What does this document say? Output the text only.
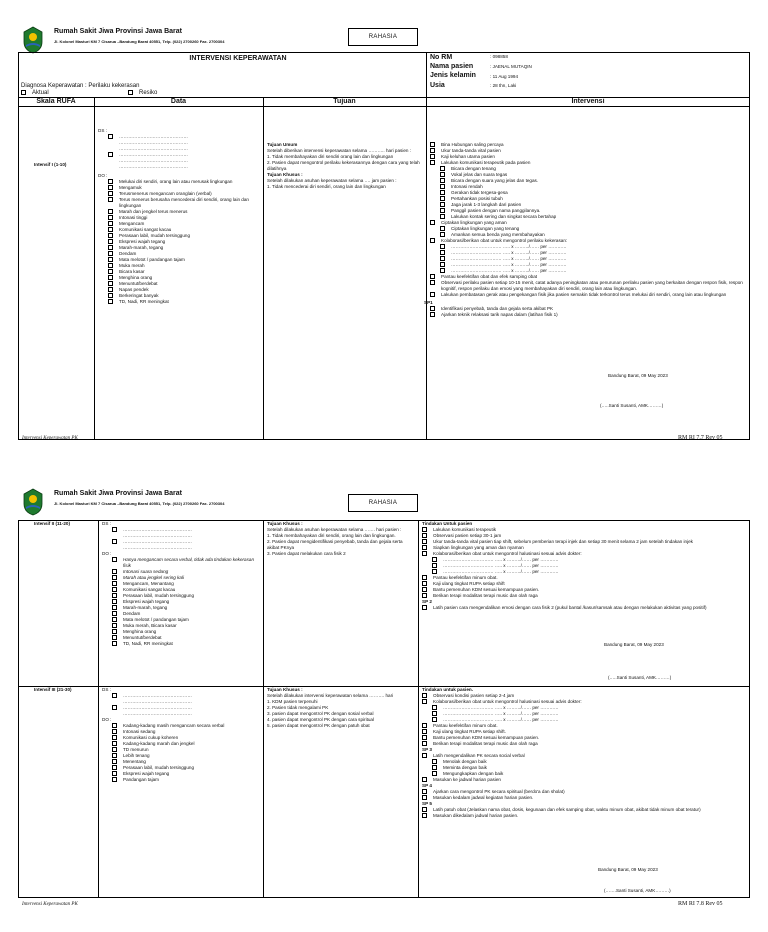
Rumah Sakit Jiwa Provinsi Jawa Barat
Jl. Kolonel Masturi KM 7 Cisarua –Bandung Barat 40551, Telp. (022) 2700260 Fax. 2700304
RAHASIA
INTERVENSI KEPERAWATAN
Diagnosa Keperawatan : Perilaku kekerasan
Aktual	Resiko
No RM	: 098858
Nama pasien	: JAENAL MUTAQIN
Jenis kelamin	: 11 Aug 1994
Usia	: 28 thn, Laki
Skala RUFA	Data	Tujuan	Intervensi
Intensif I (1-10)
DS :
………………………………………
………………………………………
………………………………………
………………………………………
………………………………………
………………………………………
DO :
Melukai diri sendiri, orang lain atau merusak lingkungan
Mengamuk
Terusmenerus mengancam oranglain (verbal)
Terus menerus berusaha mencederai diri sendiri, orang lain dan lingkungan
Marah dan jengkel terus menerus
Intonasi tinggi
Mengancam
Komunikasi sangat kacau
Perasaan labil, mudah tersinggung
Ekspresi wajah tegang
Marah-marah, tegang
Dendam
Mata melotot / pandangan tajam
Muka merah
Bicara kasar
Menghina orang
Menuntut/berdebat
Napas pendek
Berkeringat banyak
TD, Nadi, RR meningkat
Tujuan Umum
Setelah diberikan intervensi keperawatan selama ……….. hari pasien :
1. Tidak membahayakan diri sendiri orang lain dan lingkungan
2. Pasien dapat mengontrol perilaku kekerasannya dengan cara yang telah dilatihnya
Tujuan Khusus :
Setelah dilakukan asuhan keperawatan selama …. jam pasien :
1. Tidak mencederai diri sendiri, orang lain dan lingkungan
Bina Hubungan saling percaya
Ukur tanda-tanda vital pasien
Kaji keluhan utama pasien
Lakukan komunikasi terapeutik pada pasien
Bicara dengan tenang
Vokal jelas dan suara tegas
Bicara dengan suara yang jelas dan tegas.
Intonasi rendah
Gerakan tidak tergesa-gesa
Pertahankan posisi tubuh
Jaga jarak 1-3 langkah dari pasien
Panggil pasien dengan nama panggilannya.
Lakukan kontak sering dan singkat secara bertahap
Ciptakan lingkungan yang aman
Ciptakan lingkungan yang tenang
Amankan semua benda yang membahayakan
Kolaborasi/berikan obat untuk mengontrol perilaku kekerasan:
…………………………… ….. x ………/…… per …………
…………………………… ….. x ………/…… per …………
…………………………… ….. x ………/…… per …………
…………………………… ….. x ………/…… per …………
…………………………… ….. x ………/…… per …………
Pantau keefektifan obat dan efek samping obat
Observasi perilaku pasien setiap 10-15 menit, catat adanya peningkatan atau penurunan perilaku pasien yang berkaitan dengan respon fisik, respon kognitif, respon perilaku dan emosi yang membahayakan diri sendiri, orang lain atau lingkungan.
Lakukan pembatasan gerak atau pengekangan fisik jika pasien semakin tidak terkontrol terus melukai diri sendiri, orang lain atau lingkungan
SP1
Identifikasi penyebab, tanda dan gejala serta akibat PK
Ajarkan teknik relaksasi tarik napas dalam (latihan fisik 1)
Bandung Barat, 09 May 2023
(…..Santi Susanti, AMK………)
Intervensi Keperawatan PK	RM RI 7.7 Rev 05
Rumah Sakit Jiwa Provinsi Jawa Barat
Jl. Kolonel Masturi KM 7 Cisarua –Bandung Barat 40551, Telp. (022) 2700260 Fax. 2700304	RAHASIA
Intensif II (11-20)	DS :
………………………………………
………………………………………
………………………………………
………………………………………
DO :
Hanya mengancam secara verbal, tidak ada tindakan kekerasan fisik
Intonasi suara sedang
Marah atau jengkel sering kali
Mengancam, Menantang
Komunikasi sangat kacau
Perasaan labil, mudah tersinggung
Ekspresi wajah tegang
Marah-marah, tegang
Dendam
Mata melotot / pandangan tajam
Muka merah, Bicara kasar
Menghina orang
Menuntut/berdebat
TD, Nadi, RR meningkat
Tujuan Khusus :
Setelah dilakukan asuhan keperawatan selama ……. hari pasien :
1. Tidak membahayakan diri sendiri, orang lain dan lingkungan.
2. Pasien dapat mengidentifikasi penyebab, tanda dan gejala serta akibat PKnya
3. Pasien dapat melakukan cara fisik 2
Tindakan Untuk pasien
Lakukan komunikasi terapeutik
Observasi pasien setiap 30-1 jam
Ukur tanda-tanda vital pasien tiap shift, sebelum pemberian terapi injek dan setiap 30 menit selama 2 jam setelah tindakan injek
Siapkan lingkungan yang aman dan nyaman
Kolaborasi/berikan obat untuk mengontrol halusinasi sesuai advis dokter:
…………………………… ….. x ………/…… per …………
…………………………… ….. x ………/…… per …………
…………………………… ….. x ………/…… per …………
Pantau keefektifan minum obat.
Kaji ulang tingkat RUPA setiap shift
Bantu pemenuhan KDM sesuai kemampuan pasien.
Berikan terapi modalitas terapi music dan olah raga
SP 2
Latih pasien cara mengendalikan emosi dengan cara fisik 2 (pukul bantal /kasur/samsak atau dengan melakukan aktivitas yang positif)
Bandung Barat, 09 May 2023
(…..Santi Susanti, AMK………)
Intensif III (21-30)	DS :
………………………………………
………………………………………
………………………………………
………………………………………
DO :
Kadang-kadang masih mengancam secara verbal
Intonasi sedang
Komunikasi cukup koheren
Kadang-kadang marah dan jengkel
TD menurun
Lebih tenang
Menentang
Perasaan labil, mudah tersinggung
Ekspresi wajah tegang
Pandangan tajam
Tujuan Khusus :
Setelah dilakukan intervensi keperawatan selama ………. hari
1. KDM pasien terpenuhi
2. Pasien tidak mengalami PK
3. pasien dapat mengontrol PK dengan sosial verbal
4. pasien dapat mengontrol PK dengan cara spiritual
5. pasien dapat mengontrol PK dengan patuh obat
Tindakan untuk pasien.
Observasi kondisi pasien setiap 2-4 jam
Kolaborasi/berikan obat untuk mengontrol halusinasi sesuai advis dokter:
…………………………… ….. x ………/…… per …………
…………………………… ….. x ………/…… per …………
…………………………… ….. x ………/…… per …………
Pantau keefektifan minum obat.
Kaji ulang tingkat RUPA setiap shift.
Bantu pemenuhan KDM sesuai kemampuan pasien.
Berikan terapi modalitas terapi music dan olah raga
SP 3
Latih mengendalikan PK secara social verbal
Menolak dengan baik
Meminta dengan baik
Mengungkapkan dengan baik
Masukan ke jadwal harian pasien
SP 4
Ajarkan cara mengontrol PK secara spiritual (berdo'a dan sholat)
Masukan kedalam jadwal kegiatan harian pasien.
SP 5
Latih patuh obat (Jelaskan nama obat, dosis, kegunaan dan efek samping obat, waktu minum obat, akibat tidak minum obat teratur)
Masukan dikedalam jadwal harian pasien.
Bandung Barat, 09 May 2023
(…….Santi Susanti, AMK………)
Intervensi Keperawatan PK	RM RI 7.8 Rev 05
